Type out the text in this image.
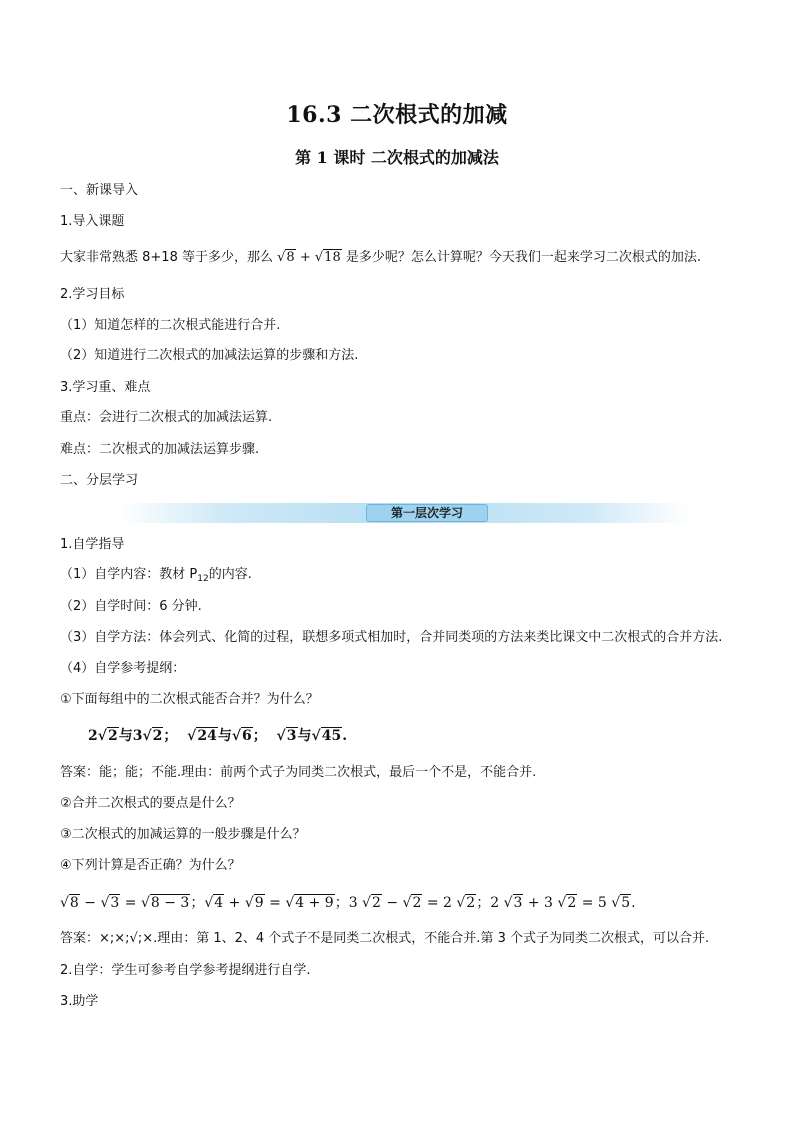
16.3 二次根式的加减
第 1 课时 二次根式的加减法
一、新课导入
1.导入课题
大家非常熟悉 8+18 等于多少，那么 √8 + √18 是多少呢？怎么计算呢？今天我们一起来学习二次根式的加法.
2.学习目标
（1）知道怎样的二次根式能进行合并.
（2）知道进行二次根式的加减法运算的步骤和方法.
3.学习重、难点
重点：会进行二次根式的加减法运算.
难点：二次根式的加减法运算步骤.
二、分层学习
第一层次学习
1.自学指导
（1）自学内容：教材 $P_{12}$的内容.
（2）自学时间：6 分钟.
（3）自学方法：体会列式、化简的过程，联想多项式相加时，合并同类项的方法来类比课文中二次根式的合并方法.
（4）自学参考提纲：
①下面每组中的二次根式能否合并？为什么？
2√2与3√2；  √24与√6；  √3与√45.
答案：能；能；不能.理由：前两个式子为同类二次根式，最后一个不是，不能合并.
②合并二次根式的要点是什么？
③二次根式的加减运算的一般步骤是什么？
④下列计算是否正确？为什么？
√8 − √3 = √8 − 3；√4 + √9 = √4 + 9；3 √2 − √2 = 2 √2；2 √3 + 3 √2 = 5 √5.
答案：×;×;√;×.理由：第 1、2、4 个式子不是同类二次根式，不能合并.第 3 个式子为同类二次根式，可以合并.
2.自学：学生可参考自学参考提纲进行自学.
3.助学
